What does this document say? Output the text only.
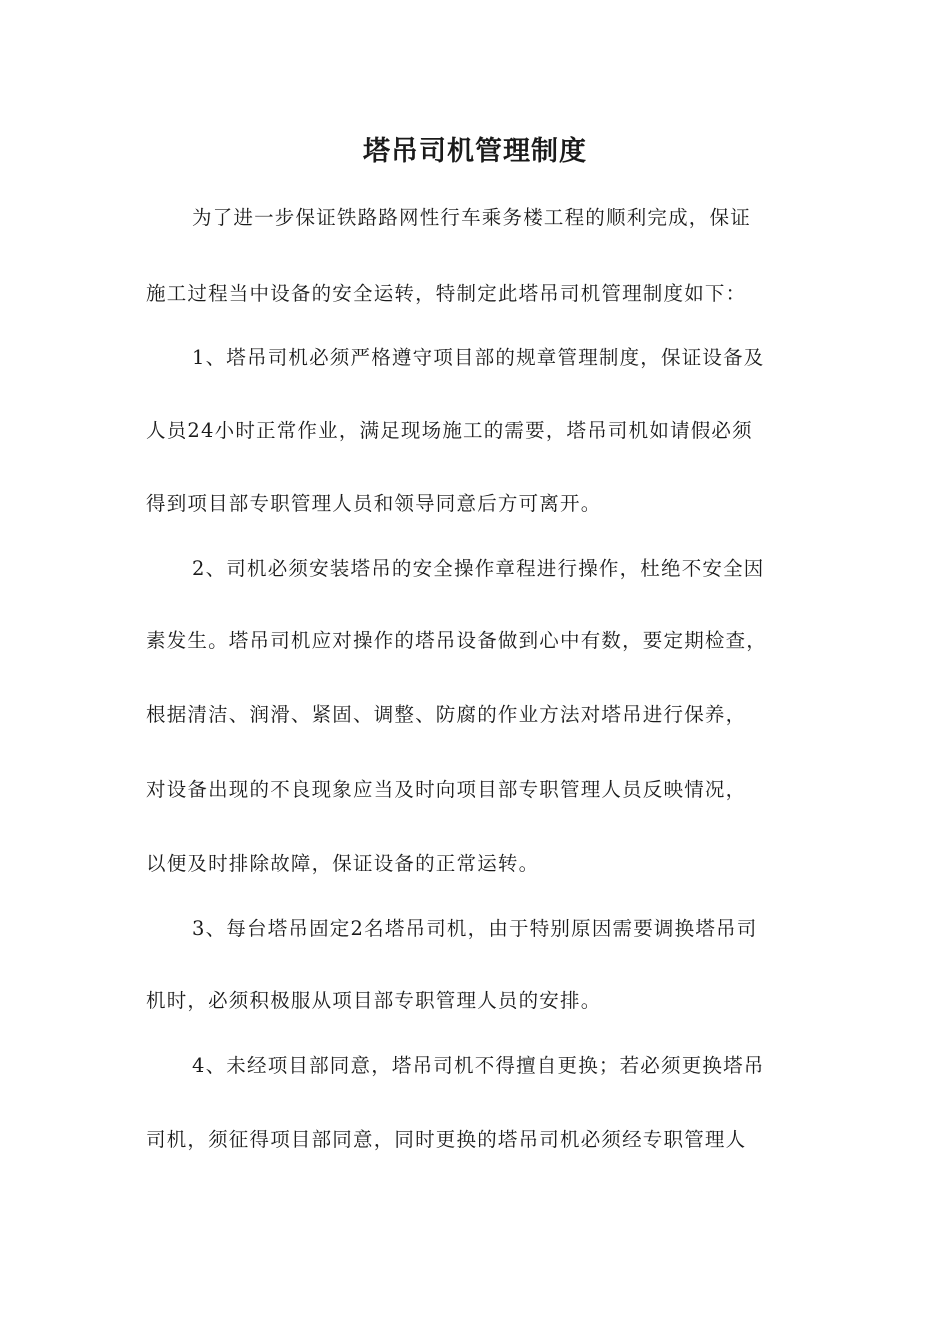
塔吊司机管理制度
为了进一步保证铁路路网性行车乘务楼工程的顺利完成，保证
施工过程当中设备的安全运转，特制定此塔吊司机管理制度如下：
1、塔吊司机必须严格遵守项目部的规章管理制度，保证设备及
人员24小时正常作业，满足现场施工的需要，塔吊司机如请假必须
得到项目部专职管理人员和领导同意后方可离开。
2、司机必须安装塔吊的安全操作章程进行操作，杜绝不安全因
素发生。塔吊司机应对操作的塔吊设备做到心中有数，要定期检查，
根据清洁、润滑、紧固、调整、防腐的作业方法对塔吊进行保养，
对设备出现的不良现象应当及时向项目部专职管理人员反映情况，
以便及时排除故障，保证设备的正常运转。
3、每台塔吊固定2名塔吊司机，由于特别原因需要调换塔吊司
机时，必须积极服从项目部专职管理人员的安排。
4、未经项目部同意，塔吊司机不得擅自更换；若必须更换塔吊
司机，须征得项目部同意，同时更换的塔吊司机必须经专职管理人
